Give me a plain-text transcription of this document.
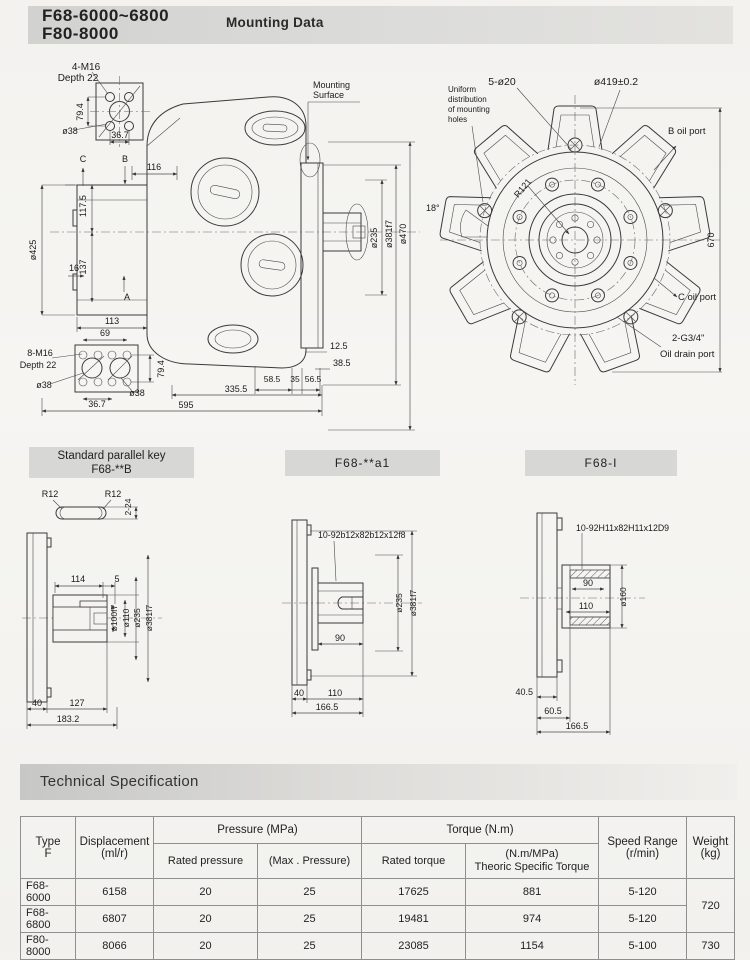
F68-6000~6800
F80-8000
Mounting Data
4-M16
Depth 22
79.4
ø38	36.7
Mounting
Surface
C	B
116
117.5
ø425
137
16
A
113
69
8-M16
Depth 22
ø38
36.7
ø38
79.4
12.5
38.5
58.5 35 56.5
335.5
595
ø235 ø381f7 ø470
Standard parallel key
F68-**B	F68-**a1	F68-I
R12	R12
2-24
114	5
ø100f7 ø110 ø235 ø381f7
40	127
183.2
10-92b12x82b12x12f8
ø235 ø381f7
90
40	110
166.5
10-92H11x82H11x12D9
90
110	ø160
40.5
60.5
166.5
5-ø20	ø419±0.2
Uniform
distribution
of mounting
holes
B oil port
R121
18°
670
C oil port
2-G3/4"
Oil drain port
Technical Specification
Type
F

Displacement
(ml/r)
	Pressure (MPa)	Torque (N.m)	
Speed Range
(r/min)

Weight
(kg)

		Rated pressure	(Max . Pressure)	Rated torque	(N.m/MPa)
Theoric Specific Torque		

F68-6000	6158	20	25	17625	881	5-120	720
F68-6800	6807	20	25	19481	974	5-120	
F80-8000	8066	20	25	23085	1154	5-100	730
